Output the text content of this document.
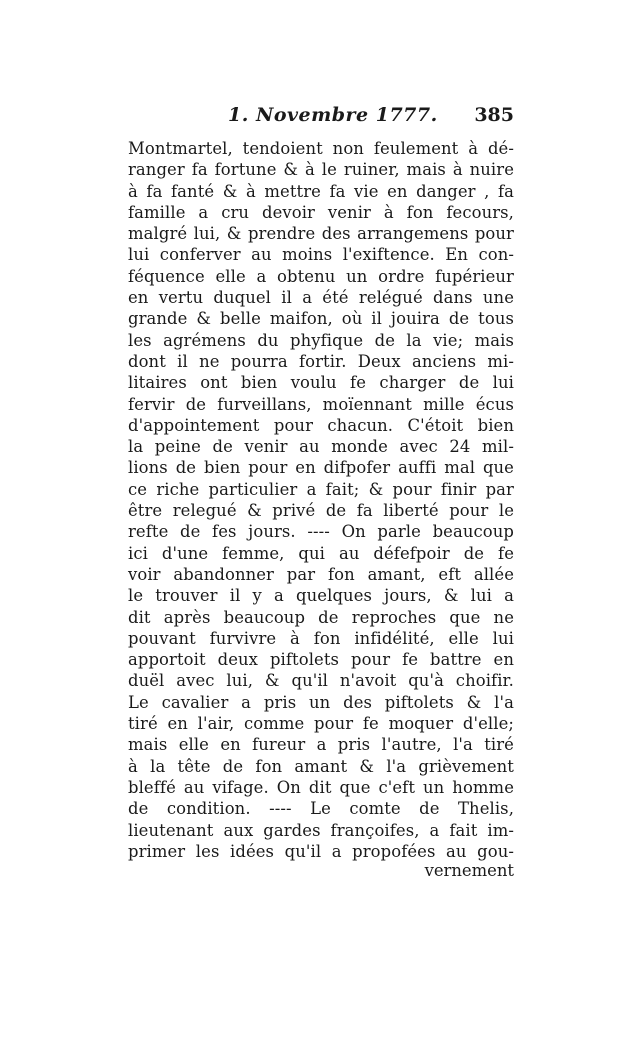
1. Novembre 1777. 385
Montmartel, tendoient non feulement à dé-
ranger fa fortune & à le ruiner, mais à nuire
à fa fanté & à mettre fa vie en danger , fa
famille a cru devoir venir à fon fecours,
malgré lui, & prendre des arrangemens pour
lui conferver au moins l'exiftence. En con-
féquence elle a obtenu un ordre fupérieur
en vertu duquel il a été relégué dans une
grande & belle maifon, où il jouira de tous
les agrémens du phyfique de la vie; mais
dont il ne pourra fortir. Deux anciens mi-
litaires ont bien voulu fe charger de lui
fervir de furveillans, moïennant mille écus
d'appointement pour chacun. C'étoit bien
la peine de venir au monde avec 24 mil-
lions de bien pour en difpofer auffi mal que
ce riche particulier a fait; & pour finir par
être relegué & privé de fa liberté pour le
refte de fes jours. ---- On parle beaucoup
ici d'une femme, qui au défefpoir de fe
voir abandonner par fon amant, eft allée
le trouver il y a quelques jours, & lui a
dit après beaucoup de reproches que ne
pouvant furvivre à fon infidélité, elle lui
apportoit deux piftolets pour fe battre en
duël avec lui, & qu'il n'avoit qu'à choifir.
Le cavalier a pris un des piftolets & l'a
tiré en l'air, comme pour fe moquer d'elle;
mais elle en fureur a pris l'autre, l'a tiré
à la tête de fon amant & l'a grièvement
bleffé au vifage. On dit que c'eft un homme
de condition. ---- Le comte de Thelis,
lieutenant aux gardes françoifes, a fait im-
primer les idées qu'il a propofées au gou-
vernement
